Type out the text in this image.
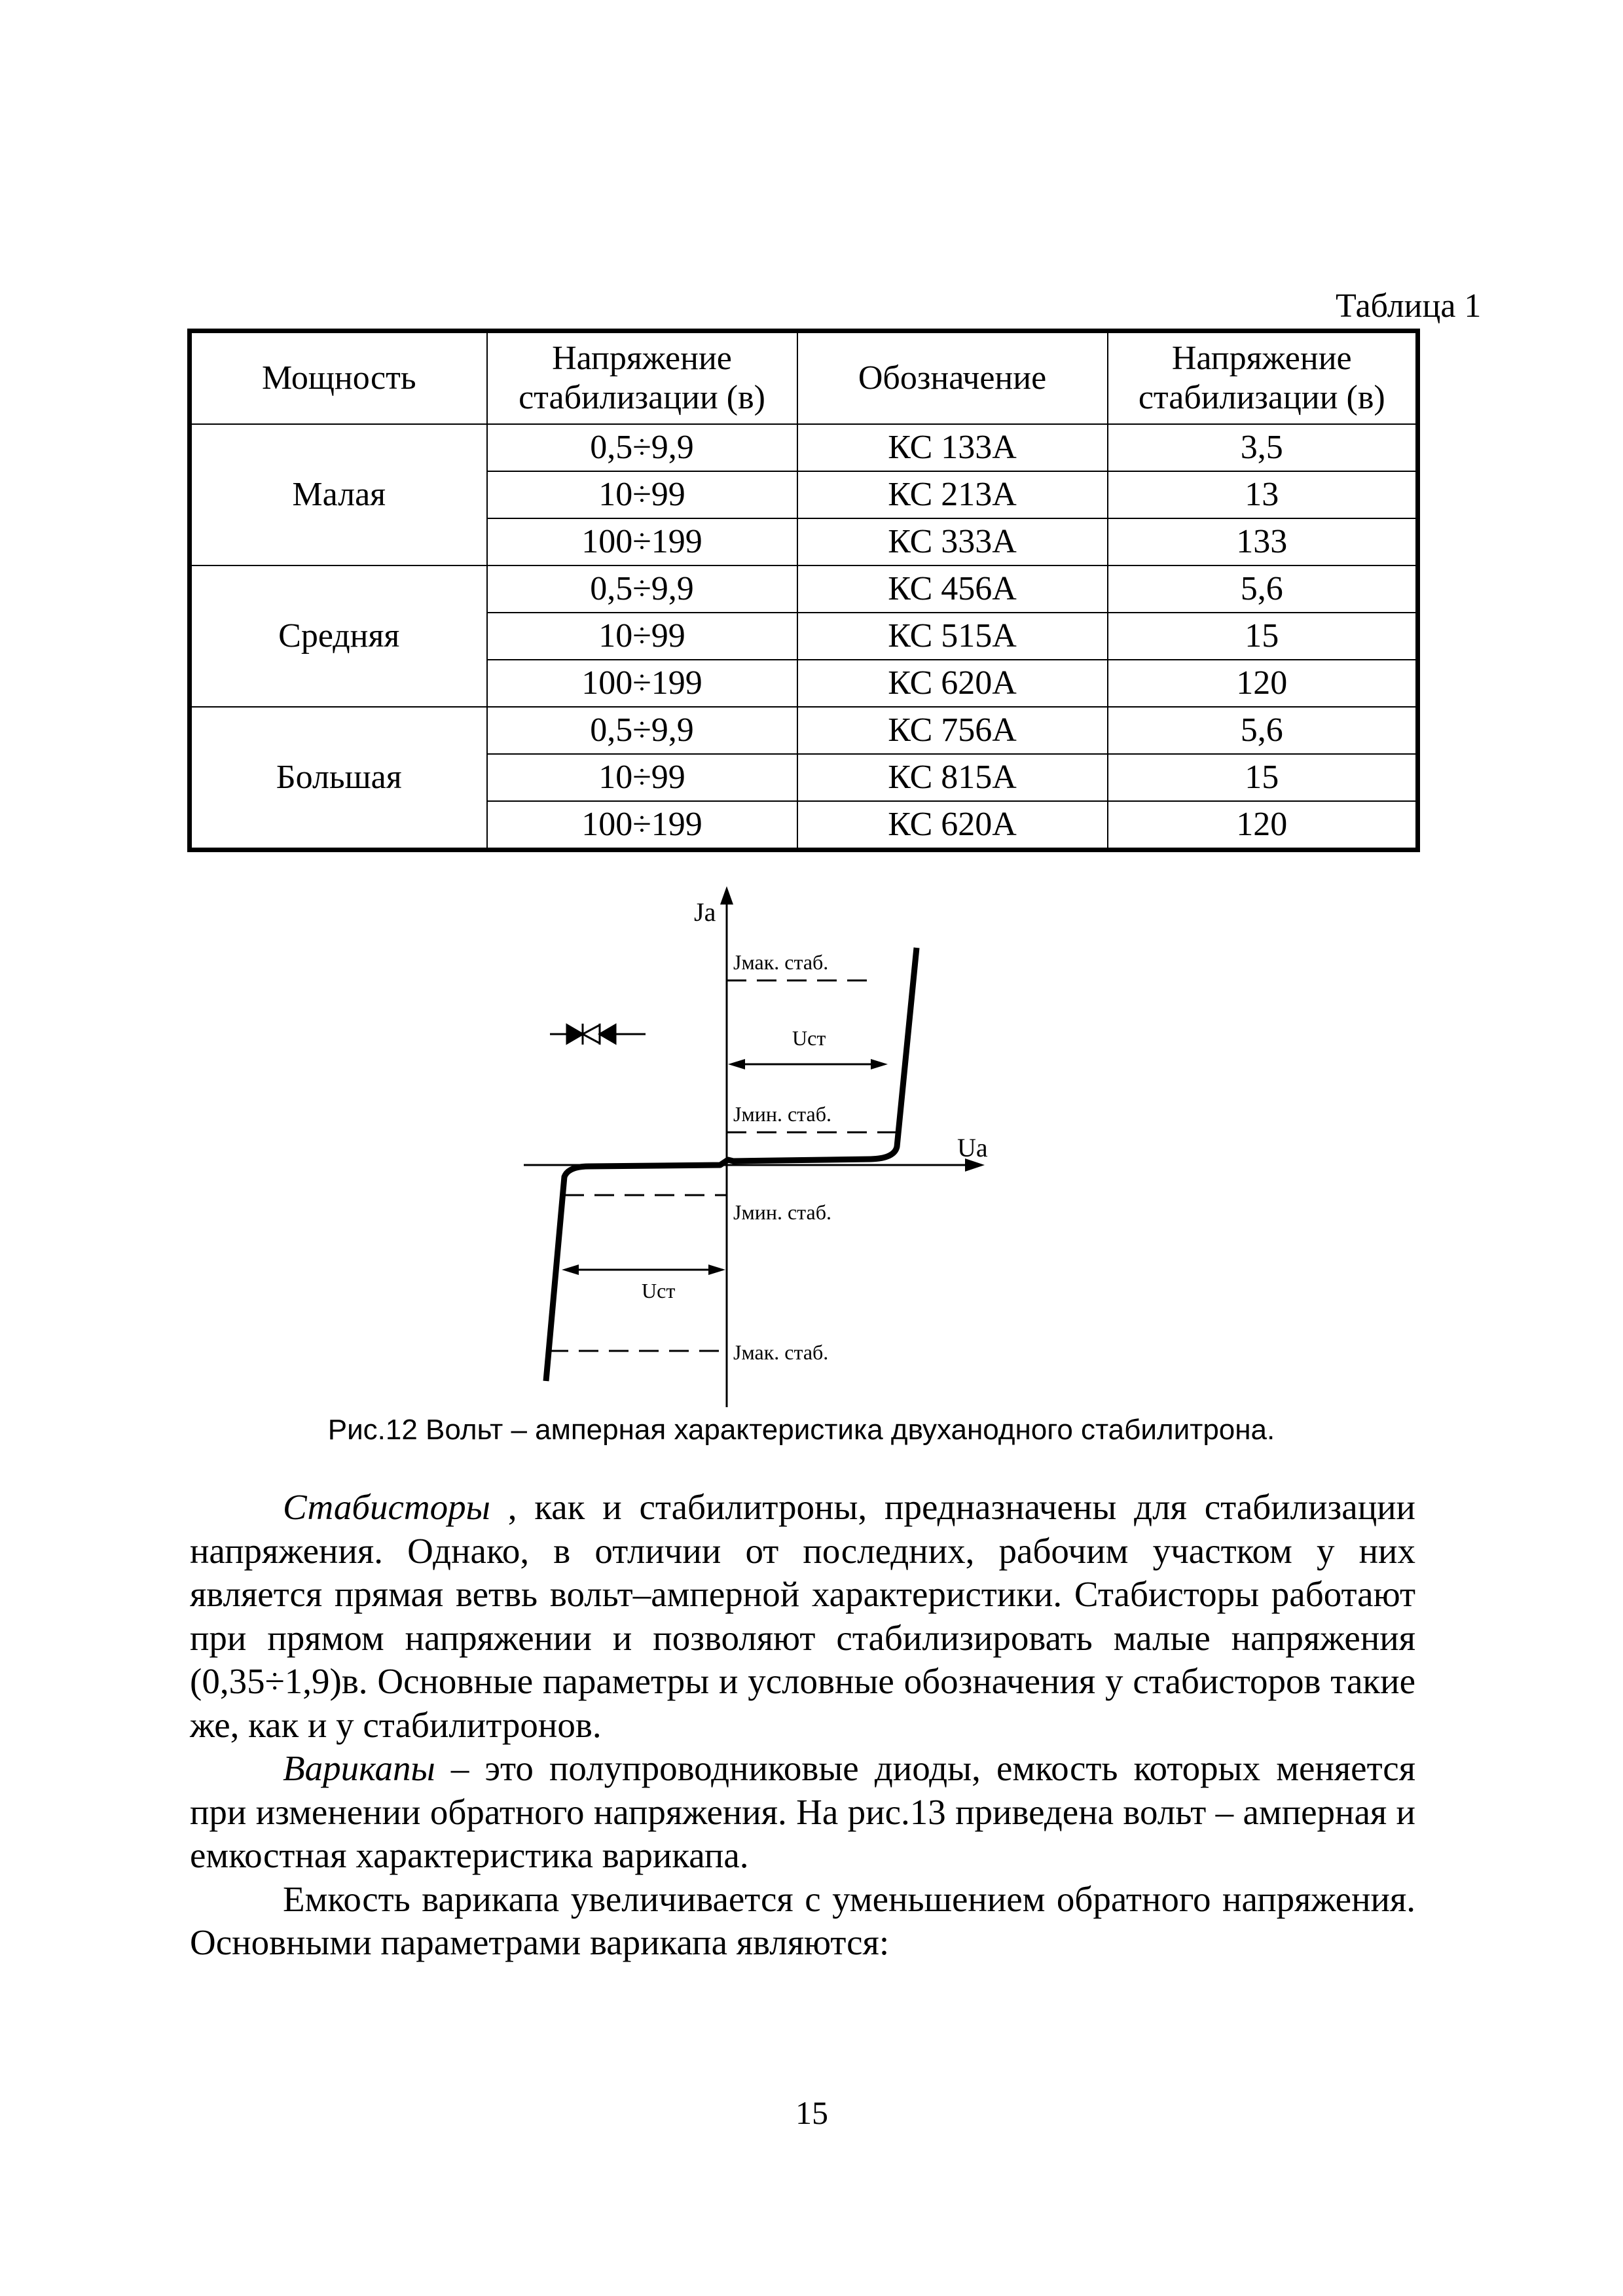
Таблица 1
Мощность	Напряжение стабилизации (в)	Обозначение	Напряжение стабилизации (в)
Малая	0,5÷9,9	КС 133А	3,5
	10÷99	КС 213А	13
	100÷199	КС 333А	133
Средняя	0,5÷9,9	КС 456А	5,6
	10÷99	КС 515А	15
	100÷199	КС 620А	120
Большая	0,5÷9,9	КС 756А	5,6
	10÷99	КС 815А	15
	100÷199	КС 620А	120
Ja
Ua
Jмак. стаб.
Uст
Jмин. стаб.
Jмин. стаб.
Uст
Jмак. стаб.
Рис.12 Вольт – амперная характеристика двуханодного стабилитрона.

Стабисторы , как и стабилитроны, предназначены для стабилизации напряжения. Однако, в отличии от последних, рабочим участком у них является прямая ветвь вольт–амперной характеристики. Стабисторы работают при прямом напряжении и позволяют стабилизировать малые напряжения (0,35÷1,9)в. Основные параметры и условные обозначения у стабисторов такие же, как и у стабилитронов.

Варикапы – это полупроводниковые диоды, емкость которых меняется при изменении обратного напряжения. На рис.13 приведена вольт – амперная и емкостная характеристика варикапа.

Емкость варикапа увеличивается с уменьшением обратного напряжения. Основными параметрами варикапа являются:

15
